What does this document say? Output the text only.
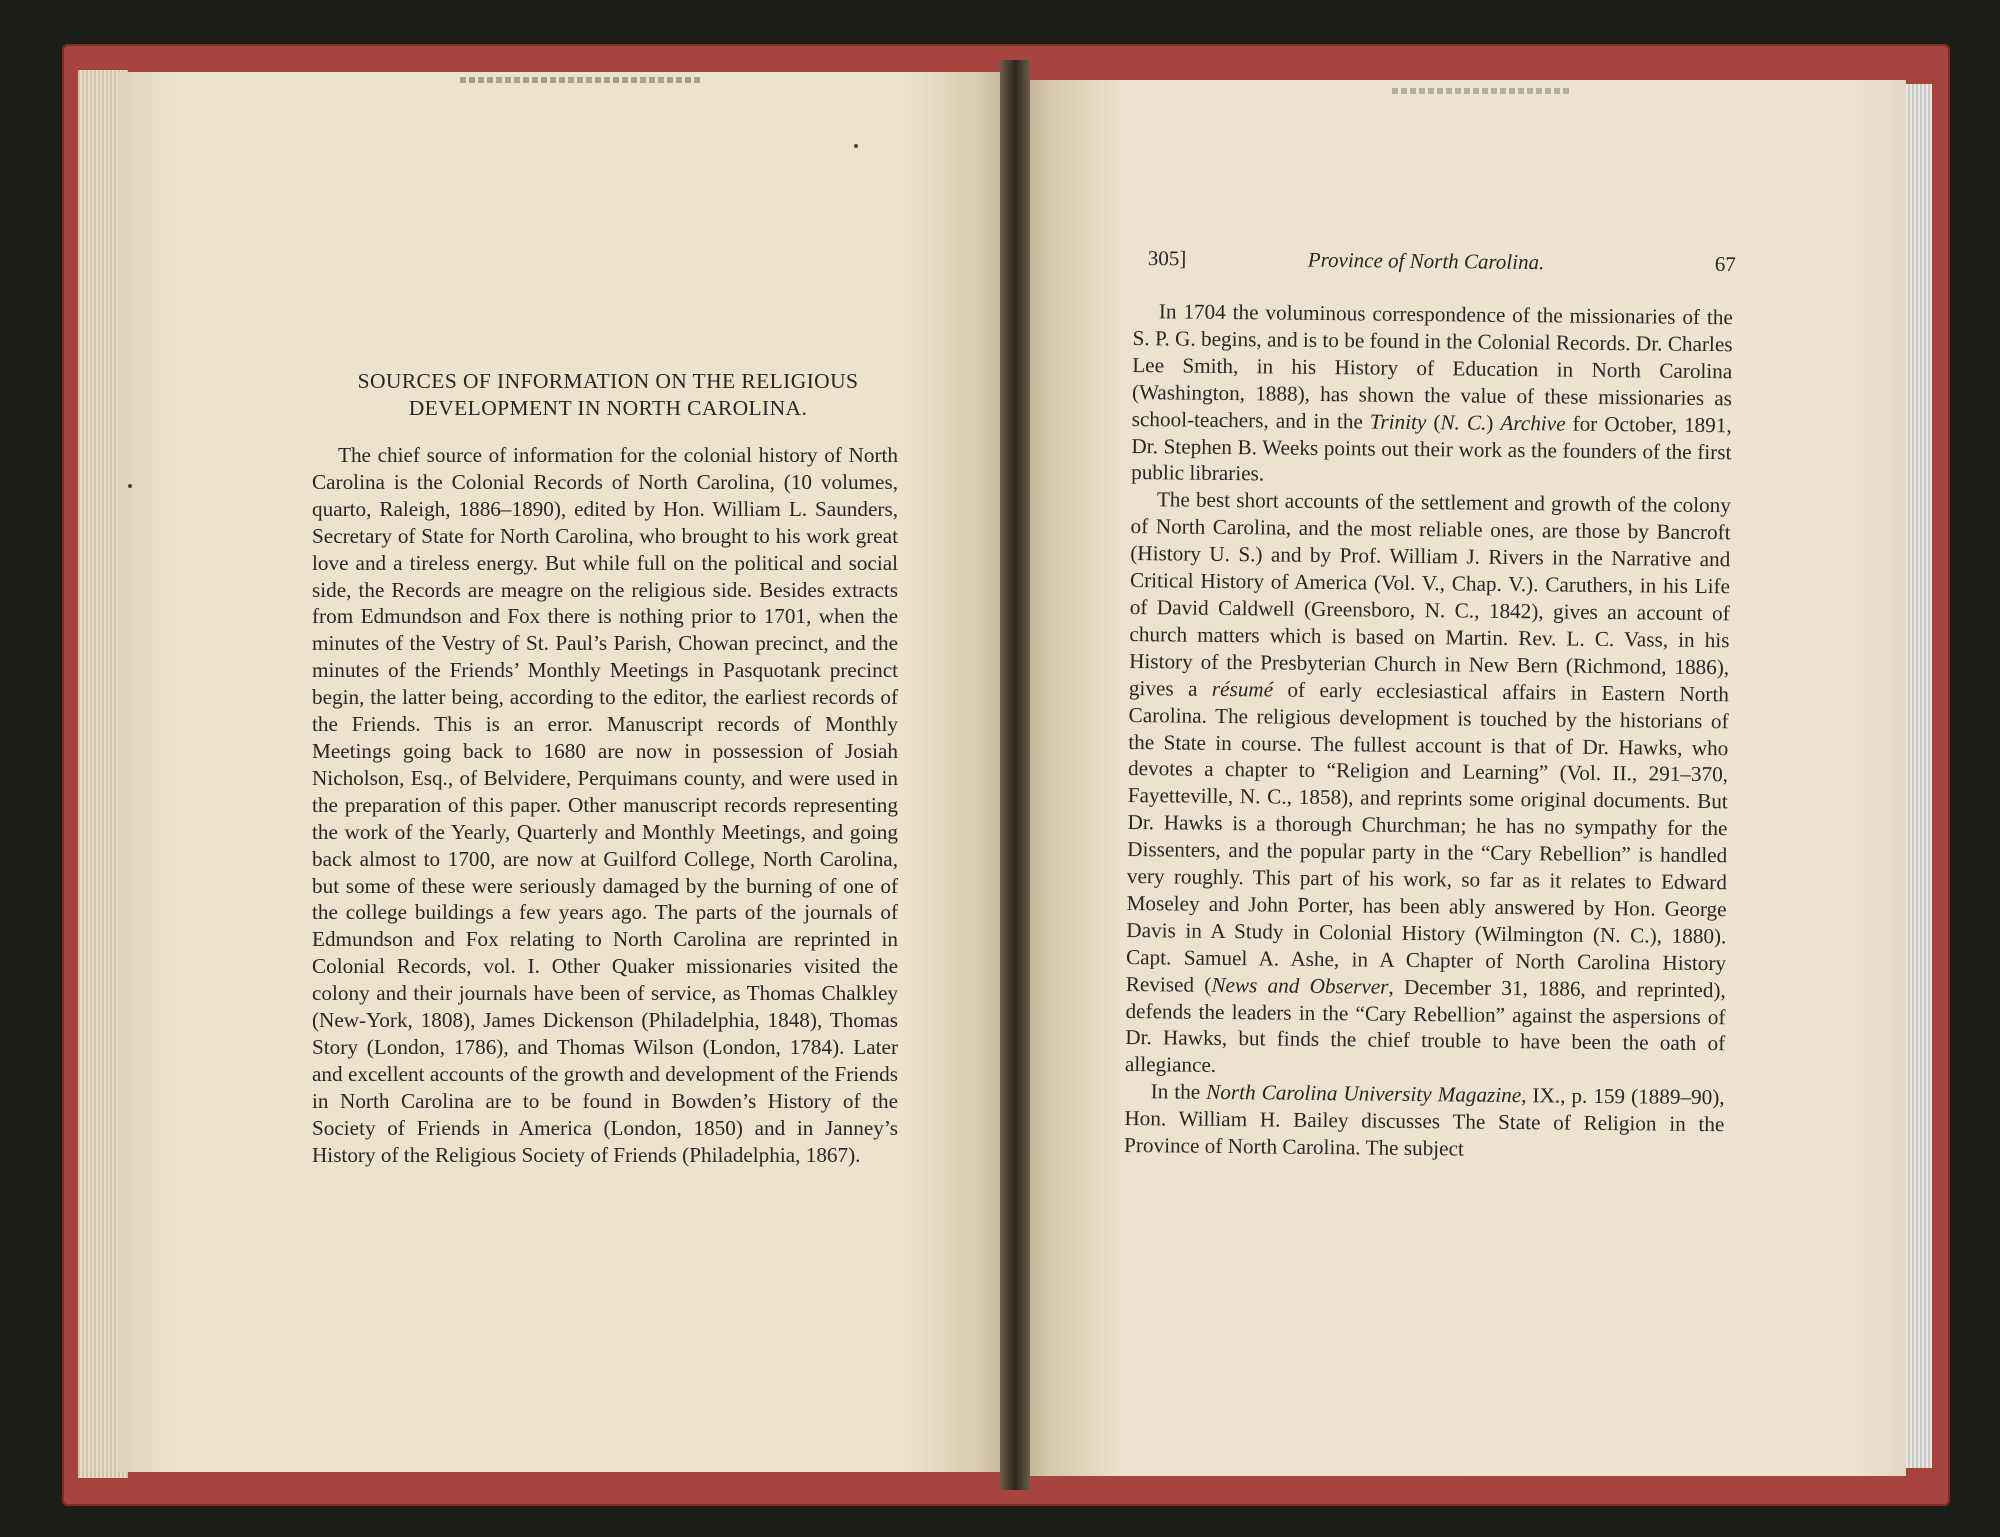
SOURCES OF INFORMATION ON THE RELIGIOUS
DEVELOPMENT IN NORTH CAROLINA.

The chief source of information for the colonial history of North Carolina is the Colonial Records of North Carolina, (10 volumes, quarto, Raleigh, 1886–1890), edited by Hon. William L. Saunders, Secretary of State for North Carolina, who brought to his work great love and a tireless energy. But while full on the political and social side, the Records are meagre on the religious side. Besides extracts from Edmundson and Fox there is nothing prior to 1701, when the minutes of the Vestry of St. Paul’s Parish, Chowan precinct, and the minutes of the Friends’ Monthly Meetings in Pasquotank precinct begin, the latter being, according to the editor, the earliest records of the Friends. This is an error. Manuscript records of Monthly Meetings going back to 1680 are now in possession of Josiah Nicholson, Esq., of Belvidere, Perquimans county, and were used in the preparation of this paper. Other manuscript records representing the work of the Yearly, Quarterly and Monthly Meetings, and going back almost to 1700, are now at Guilford College, North Carolina, but some of these were seriously damaged by the burning of one of the college buildings a few years ago. The parts of the journals of Edmundson and Fox relating to North Carolina are reprinted in Colonial Records, vol. I. Other Quaker missionaries visited the colony and their journals have been of service, as Thomas Chalkley (New-York, 1808), James Dickenson (Philadelphia, 1848), Thomas Story (London, 1786), and Thomas Wilson (London, 1784). Later and excellent accounts of the growth and development of the Friends in North Carolina are to be found in Bowden’s History of the Society of Friends in America (London, 1850) and in Janney’s History of the Religious Society of Friends (Philadelphia, 1867).

305]	Province of North Carolina.	67

In 1704 the voluminous correspondence of the missionaries of the S. P. G. begins, and is to be found in the Colonial Records. Dr. Charles Lee Smith, in his History of Education in North Carolina (Washington, 1888), has shown the value of these missionaries as school-teachers, and in the Trinity (N. C.) Archive for October, 1891, Dr. Stephen B. Weeks points out their work as the founders of the first public libraries.

The best short accounts of the settlement and growth of the colony of North Carolina, and the most reliable ones, are those by Bancroft (History U. S.) and by Prof. William J. Rivers in the Narrative and Critical History of America (Vol. V., Chap. V.). Caruthers, in his Life of David Caldwell (Greensboro, N. C., 1842), gives an account of church matters which is based on Martin. Rev. L. C. Vass, in his History of the Presbyterian Church in New Bern (Richmond, 1886), gives a résumé of early ecclesiastical affairs in Eastern North Carolina. The religious development is touched by the historians of the State in course. The fullest account is that of Dr. Hawks, who devotes a chapter to “Religion and Learning” (Vol. II., 291–370, Fayetteville, N. C., 1858), and reprints some original documents. But Dr. Hawks is a thorough Churchman; he has no sympathy for the Dissenters, and the popular party in the “Cary Rebellion” is handled very roughly. This part of his work, so far as it relates to Edward Moseley and John Porter, has been ably answered by Hon. George Davis in A Study in Colonial History (Wilmington (N. C.), 1880). Capt. Samuel A. Ashe, in A Chapter of North Carolina History Revised (News and Observer, December 31, 1886, and reprinted), defends the leaders in the “Cary Rebellion” against the aspersions of Dr. Hawks, but finds the chief trouble to have been the oath of allegiance.

In the North Carolina University Magazine, IX., p. 159 (1889–90), Hon. William H. Bailey discusses The State of Religion in the Province of North Carolina. The subject
